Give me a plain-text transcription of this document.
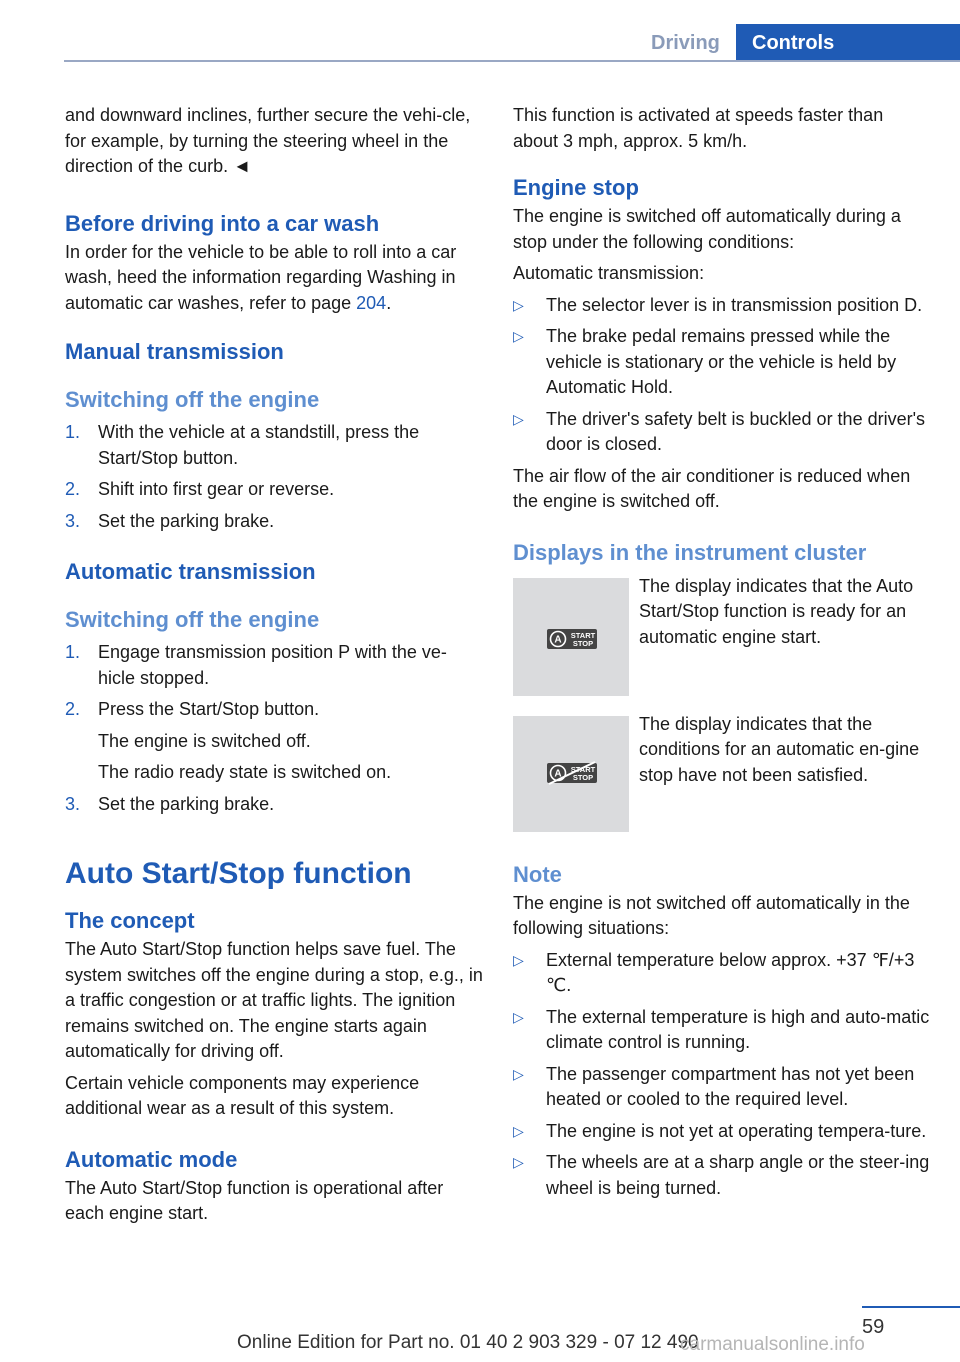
Driving	Controls

and downward inclines, further secure the vehi-cle, for example, by turning the steering wheel in the direction of the curb. ◄

Before driving into a car wash

In order for the vehicle to be able to roll into a car wash, heed the information regarding Washing in automatic car washes, refer to page 204.

Manual transmission
Switching off the engine
1. With the vehicle at a standstill, press the Start/Stop button.
2. Shift into first gear or reverse.
3. Set the parking brake.
Automatic transmission
Switching off the engine
1. Engage transmission position P with the ve-hicle stopped.
2. Press the Start/Stop button.
The engine is switched off.
The radio ready state is switched on.
3. Set the parking brake.
Auto Start/Stop function
The concept

The Auto Start/Stop function helps save fuel. The system switches off the engine during a stop, e.g., in a traffic congestion or at traffic lights. The ignition remains switched on. The engine starts again automatically for driving off.

Certain vehicle components may experience additional wear as a result of this system.

Automatic mode

The Auto Start/Stop function is operational after each engine start.

This function is activated at speeds faster than about 3 mph, approx. 5 km/h.

Engine stop

The engine is switched off automatically during a stop under the following conditions:

Automatic transmission:

▷ The selector lever is in transmission position D.
▷ The brake pedal remains pressed while the vehicle is stationary or the vehicle is held by Automatic Hold.
▷ The driver's safety belt is buckled or the driver's door is closed.

The air flow of the air conditioner is reduced when the engine is switched off.

Displays in the instrument cluster
A START
STOP

The display indicates that the Auto Start/Stop function is ready for an automatic engine start.

A START
STOP

The display indicates that the conditions for an automatic en-gine stop have not been satisfied.

Note

The engine is not switched off automatically in the following situations:

▷ External temperature below approx. +37 ℉/+3 ℃.
▷ The external temperature is high and auto-matic climate control is running.
▷ The passenger compartment has not yet been heated or cooled to the required level.
▷ The engine is not yet at operating tempera-ture.
▷ The wheels are at a sharp angle or the steer-ing wheel is being turned.
59
Online Edition for Part no. 01 40 2 903 329 - 07 12 490
carmanualsonline.info
